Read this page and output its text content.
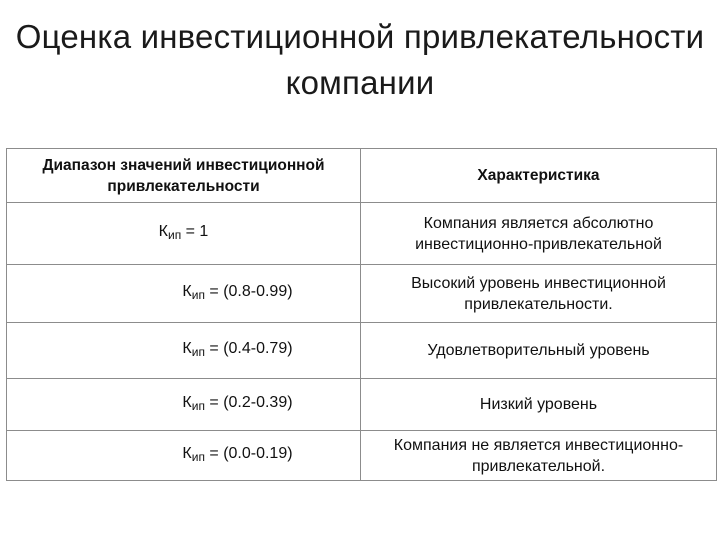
Оценка инвестиционной привлекательности
компании
Диапазон значений инвестиционной привлекательности	Характеристика
$К_{ип} = 1$	Компания является абсолютно инвестиционно-привлекательной
$К_{ип} = (0.8-0.99)$	Высокий уровень инвестиционной привлекательности.
$К_{ип} = (0.4-0.79)$	Удовлетворительный уровень
$К_{ип} = (0.2-0.39)$	Низкий уровень
$К_{ип} = (0.0-0.19)$	Компания не является инвестиционно-привлекательной.
